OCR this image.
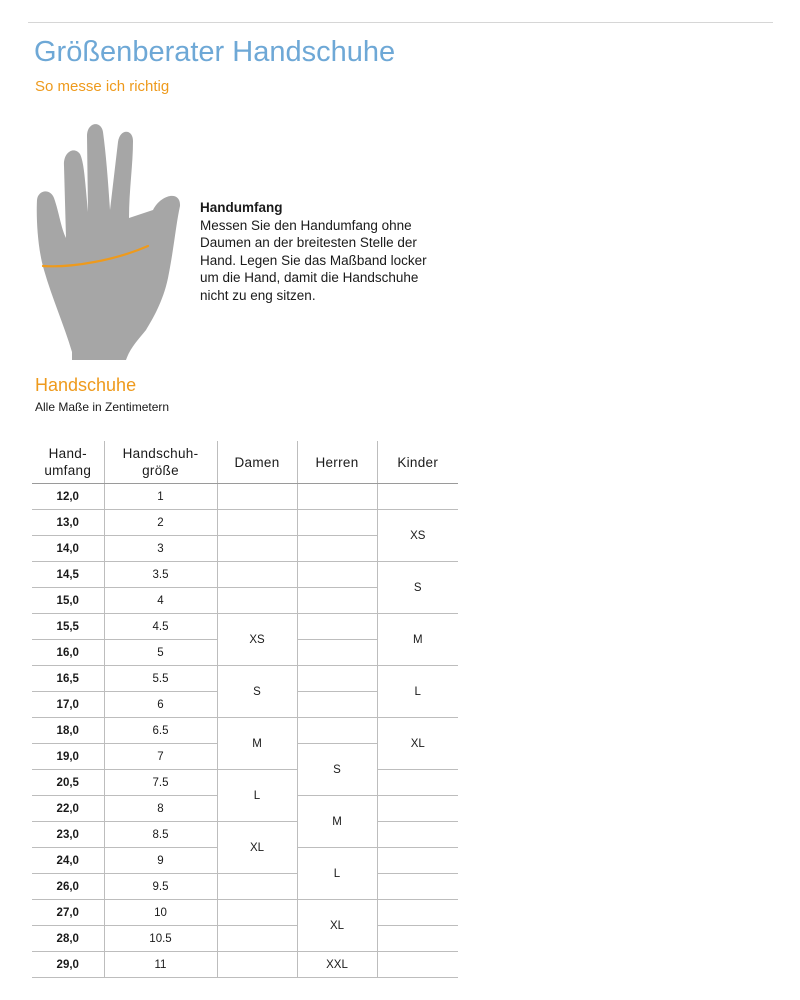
Größenberater Handschuhe
So messe ich richtig
Handumfang
Messen Sie den Handumfang ohne Daumen an der breitesten Stelle der Hand. Legen Sie das Maßband locker um die Hand, damit die Handschuhe nicht zu eng sitzen.
Handschuhe
Alle Maße in Zentimetern
Hand-
umfang	Handschuh-
größe	Damen	Herren	Kinder
12,0	1			
13,0	2			XS
14,0	3			
14,5	3.5			S
15,0	4			
15,5	4.5	XS		M
16,0	5			
16,5	5.5	S		L
17,0	6			
18,0	6.5	M		XL
19,0	7		S	
20,5	7.5	L		
22,0	8		M	
23,0	8.5	XL		
24,0	9		L	
26,0	9.5			
27,0	10		XL	
28,0	10.5			
29,0	11		XXL	
